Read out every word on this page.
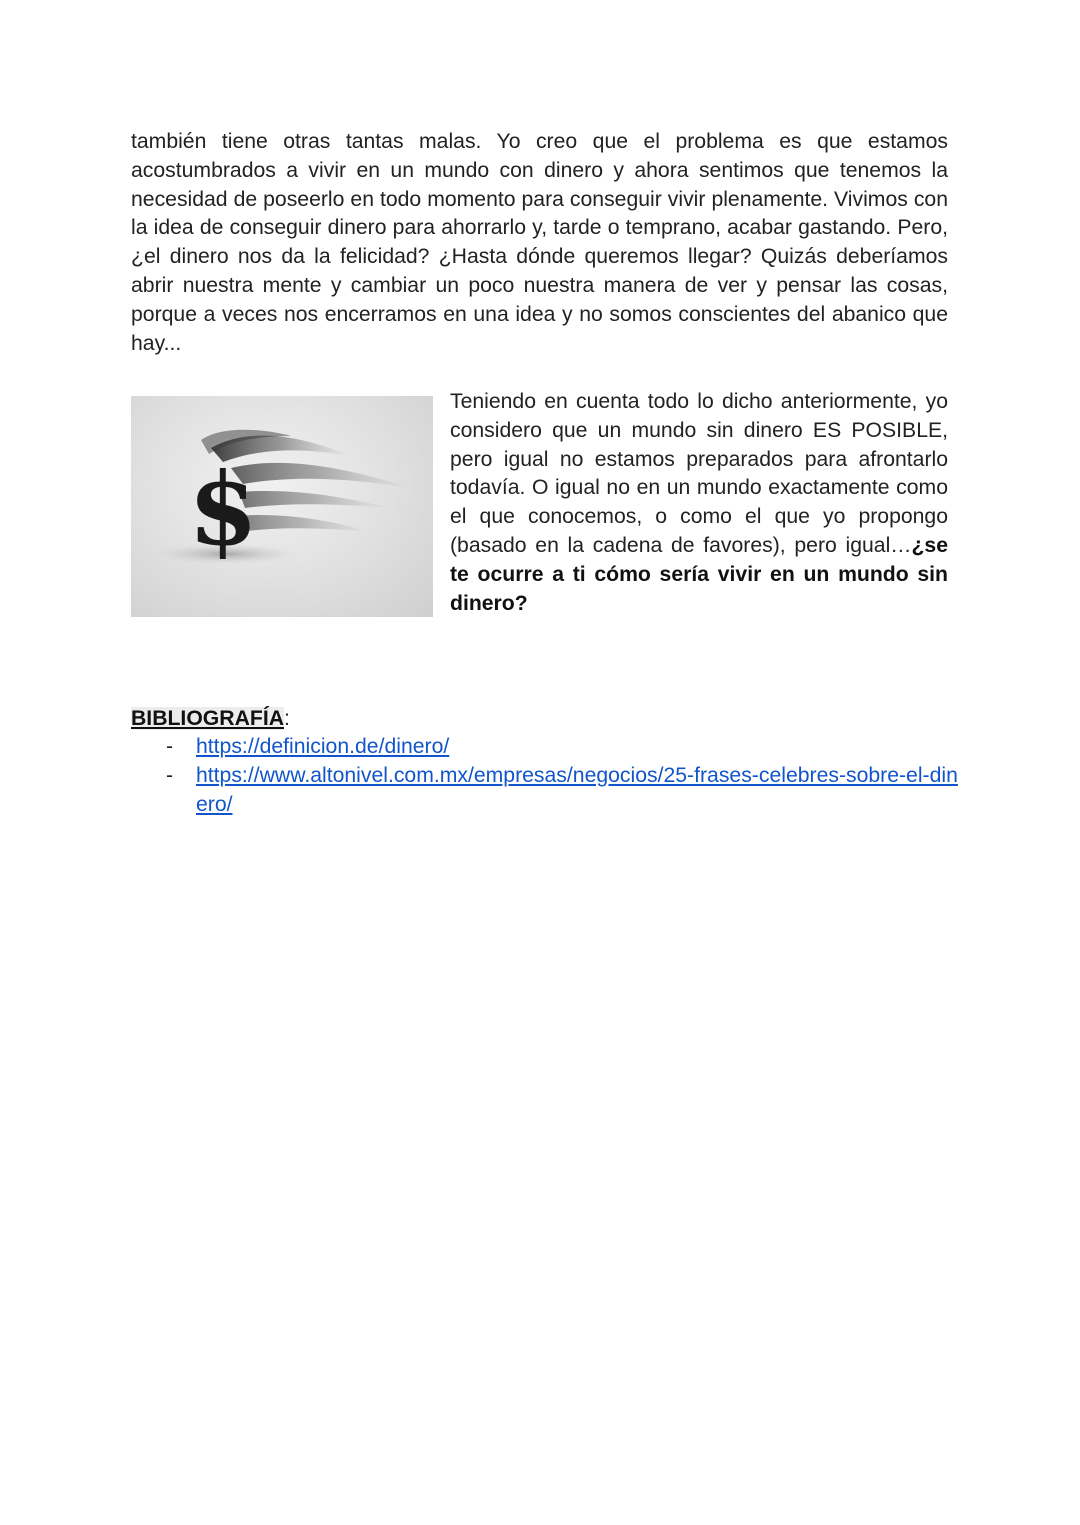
también tiene otras tantas malas. Yo creo que el problema es que estamos acostumbrados a vivir en un mundo con dinero y ahora sentimos que tenemos la necesidad de poseerlo en todo momento para conseguir vivir plenamente. Vivimos con la idea de conseguir dinero para ahorrarlo y, tarde o temprano, acabar gastando. Pero, ¿el dinero nos da la felicidad? ¿Hasta dónde queremos llegar? Quizás deberíamos abrir nuestra mente y cambiar un poco nuestra manera de ver y pensar las cosas, porque a veces nos encerramos en una idea y no somos conscientes del abanico que hay...

$

Teniendo en cuenta todo lo dicho anteriormente, yo considero que un mundo sin dinero ES POSIBLE, pero igual no estamos preparados para afrontarlo todavía. O igual no en un mundo exactamente como el que conocemos, o como el que yo propongo (basado en la cadena de favores), pero igual…¿se te ocurre a ti cómo sería vivir en un mundo sin dinero?

BIBLIOGRAFÍA:

- https://definicion.de/dinero/
- https://www.altonivel.com.mx/empresas/negocios/25-frases-celebres-sobre-el-dinero/
